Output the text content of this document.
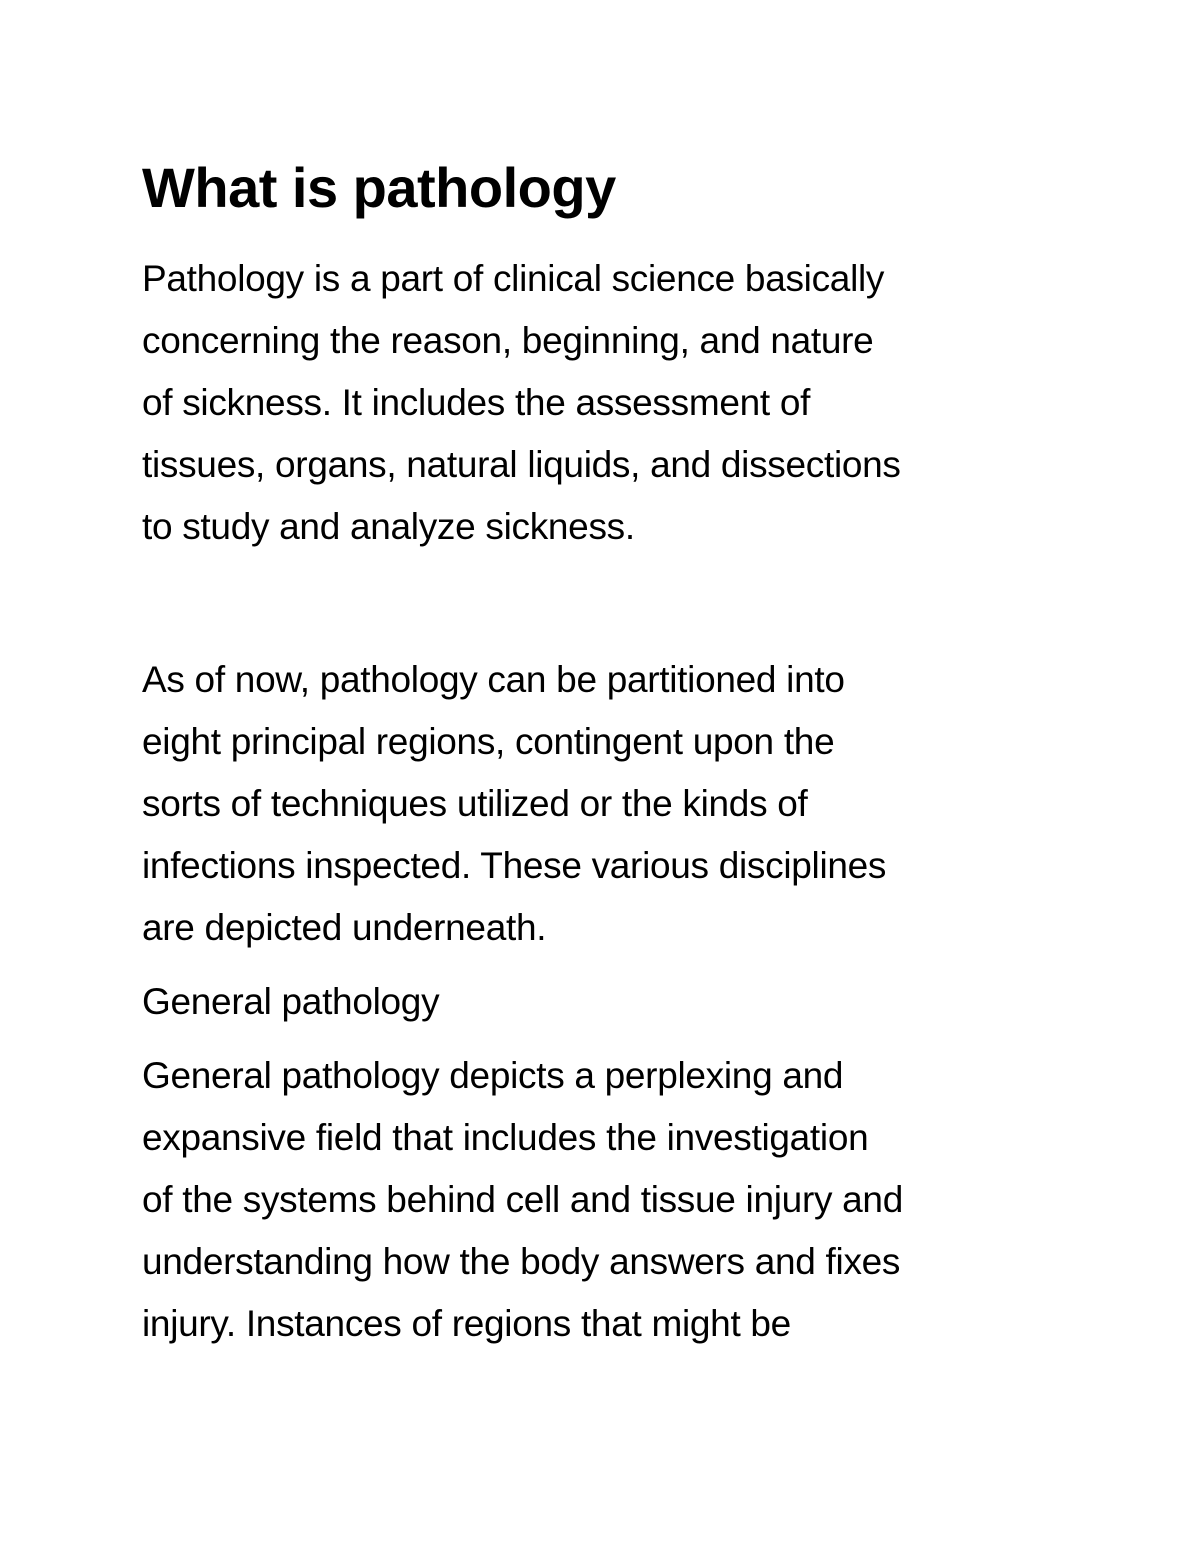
What is pathology

Pathology is a part of clinical science basically
concerning the reason, beginning, and nature
of sickness. It includes the assessment of
tissues, organs, natural liquids, and dissections
to study and analyze sickness.

As of now, pathology can be partitioned into
eight principal regions, contingent upon the
sorts of techniques utilized or the kinds of
infections inspected. These various disciplines
are depicted underneath.

General pathology

General pathology depicts a perplexing and
expansive field that includes the investigation
of the systems behind cell and tissue injury and
understanding how the body answers and fixes
injury. Instances of regions that might be
